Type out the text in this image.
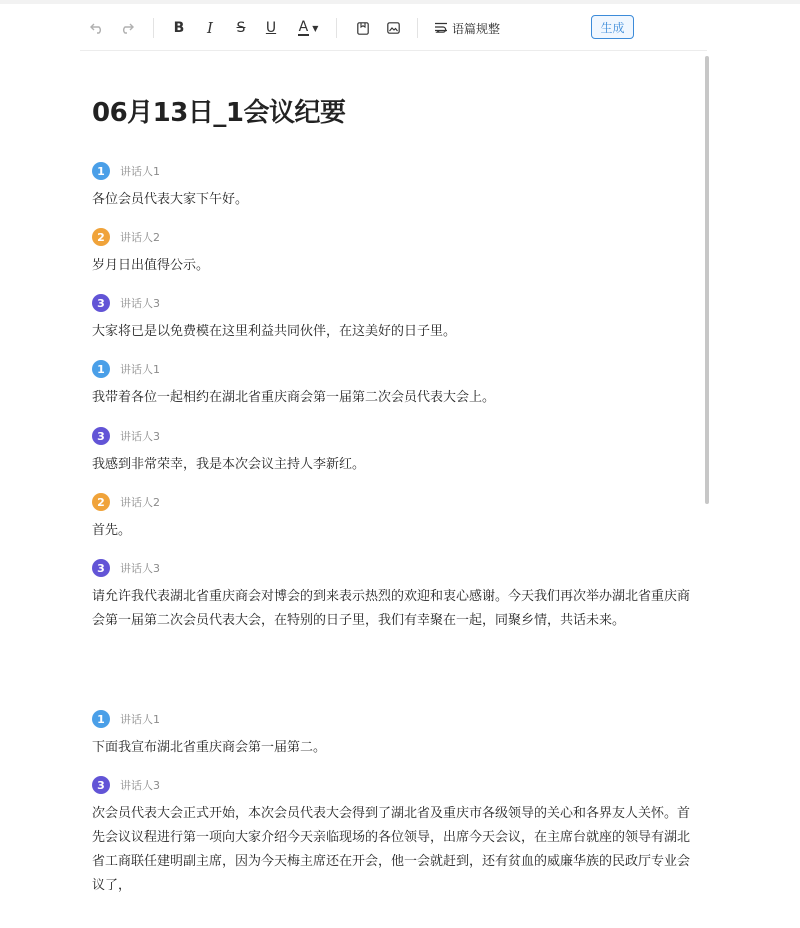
B I S U A ▼	语篇规整	生成
06月13日_1会议纪要
1	讲话人1
各位会员代表大家下午好。
2	讲话人2
岁月日出值得公示。
3	讲话人3
大家将已是以免费模在这里利益共同伙伴，在这美好的日子里。
1	讲话人1
我带着各位一起相约在湖北省重庆商会第一届第二次会员代表大会上。
3	讲话人3
我感到非常荣幸，我是本次会议主持人李新红。
2	讲话人2
首先。
3	讲话人3
请允许我代表湖北省重庆商会对博会的到来表示热烈的欢迎和衷心感谢。今天我们再次举办湖北省重庆商会第一届第二次会员代表大会，在特别的日子里，我们有幸聚在一起，同聚乡情，共话未来。
1	讲话人1
下面我宣布湖北省重庆商会第一届第二。
3	讲话人3
次会员代表大会正式开始，本次会员代表大会得到了湖北省及重庆市各级领导的关心和各界友人关怀。首先会议议程进行第一项向大家介绍今天亲临现场的各位领导，出席今天会议，在主席台就座的领导有湖北省工商联任建明副主席，因为今天梅主席还在开会，他一会就赶到，还有贫血的威廉华族的民政厅专业会议了，
